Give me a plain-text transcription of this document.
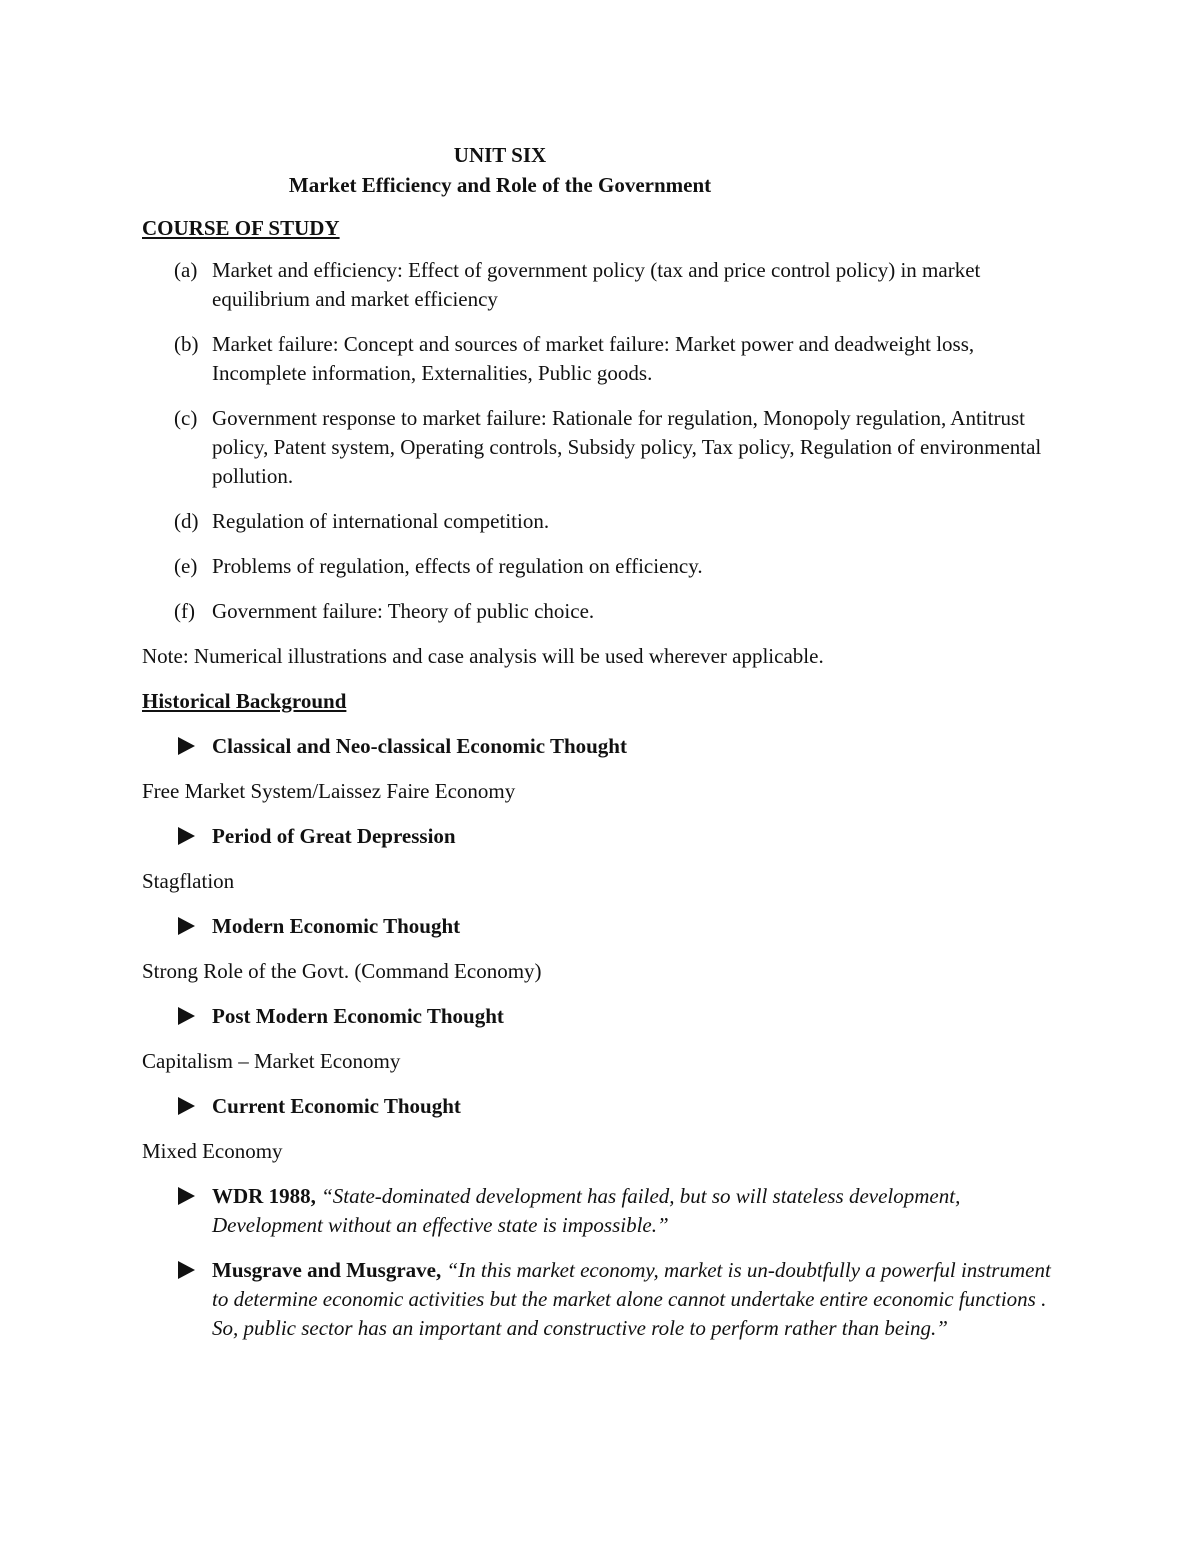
UNIT SIX
Market Efficiency and Role of the Government
COURSE OF STUDY
(a) Market and efficiency: Effect of government policy (tax and price control policy) in market equilibrium and market efficiency
(b) Market failure: Concept and sources of market failure: Market power and deadweight loss, Incomplete information, Externalities, Public goods.
(c) Government response to market failure: Rationale for regulation, Monopoly regulation, Antitrust policy, Patent system, Operating controls, Subsidy policy, Tax policy, Regulation of environmental pollution.
(d) Regulation of international competition.
(e) Problems of regulation, effects of regulation on efficiency.
(f) Government failure: Theory of public choice.
Note: Numerical illustrations and case analysis will be used wherever applicable.
Historical Background
Classical and Neo-classical Economic Thought
Free Market System/Laissez Faire Economy
Period of Great Depression
Stagflation
Modern Economic Thought
Strong Role of the Govt. (Command Economy)
Post Modern Economic Thought
Capitalism – Market Economy
Current Economic Thought
Mixed Economy
WDR 1988, “State-dominated development has failed, but so will stateless development, Development without an effective state is impossible.”
Musgrave and Musgrave, “In this market economy, market is un-doubtfully a powerful instrument to determine economic activities but the market alone cannot undertake entire economic functions . So, public sector has an important and constructive role to perform rather than being.”
